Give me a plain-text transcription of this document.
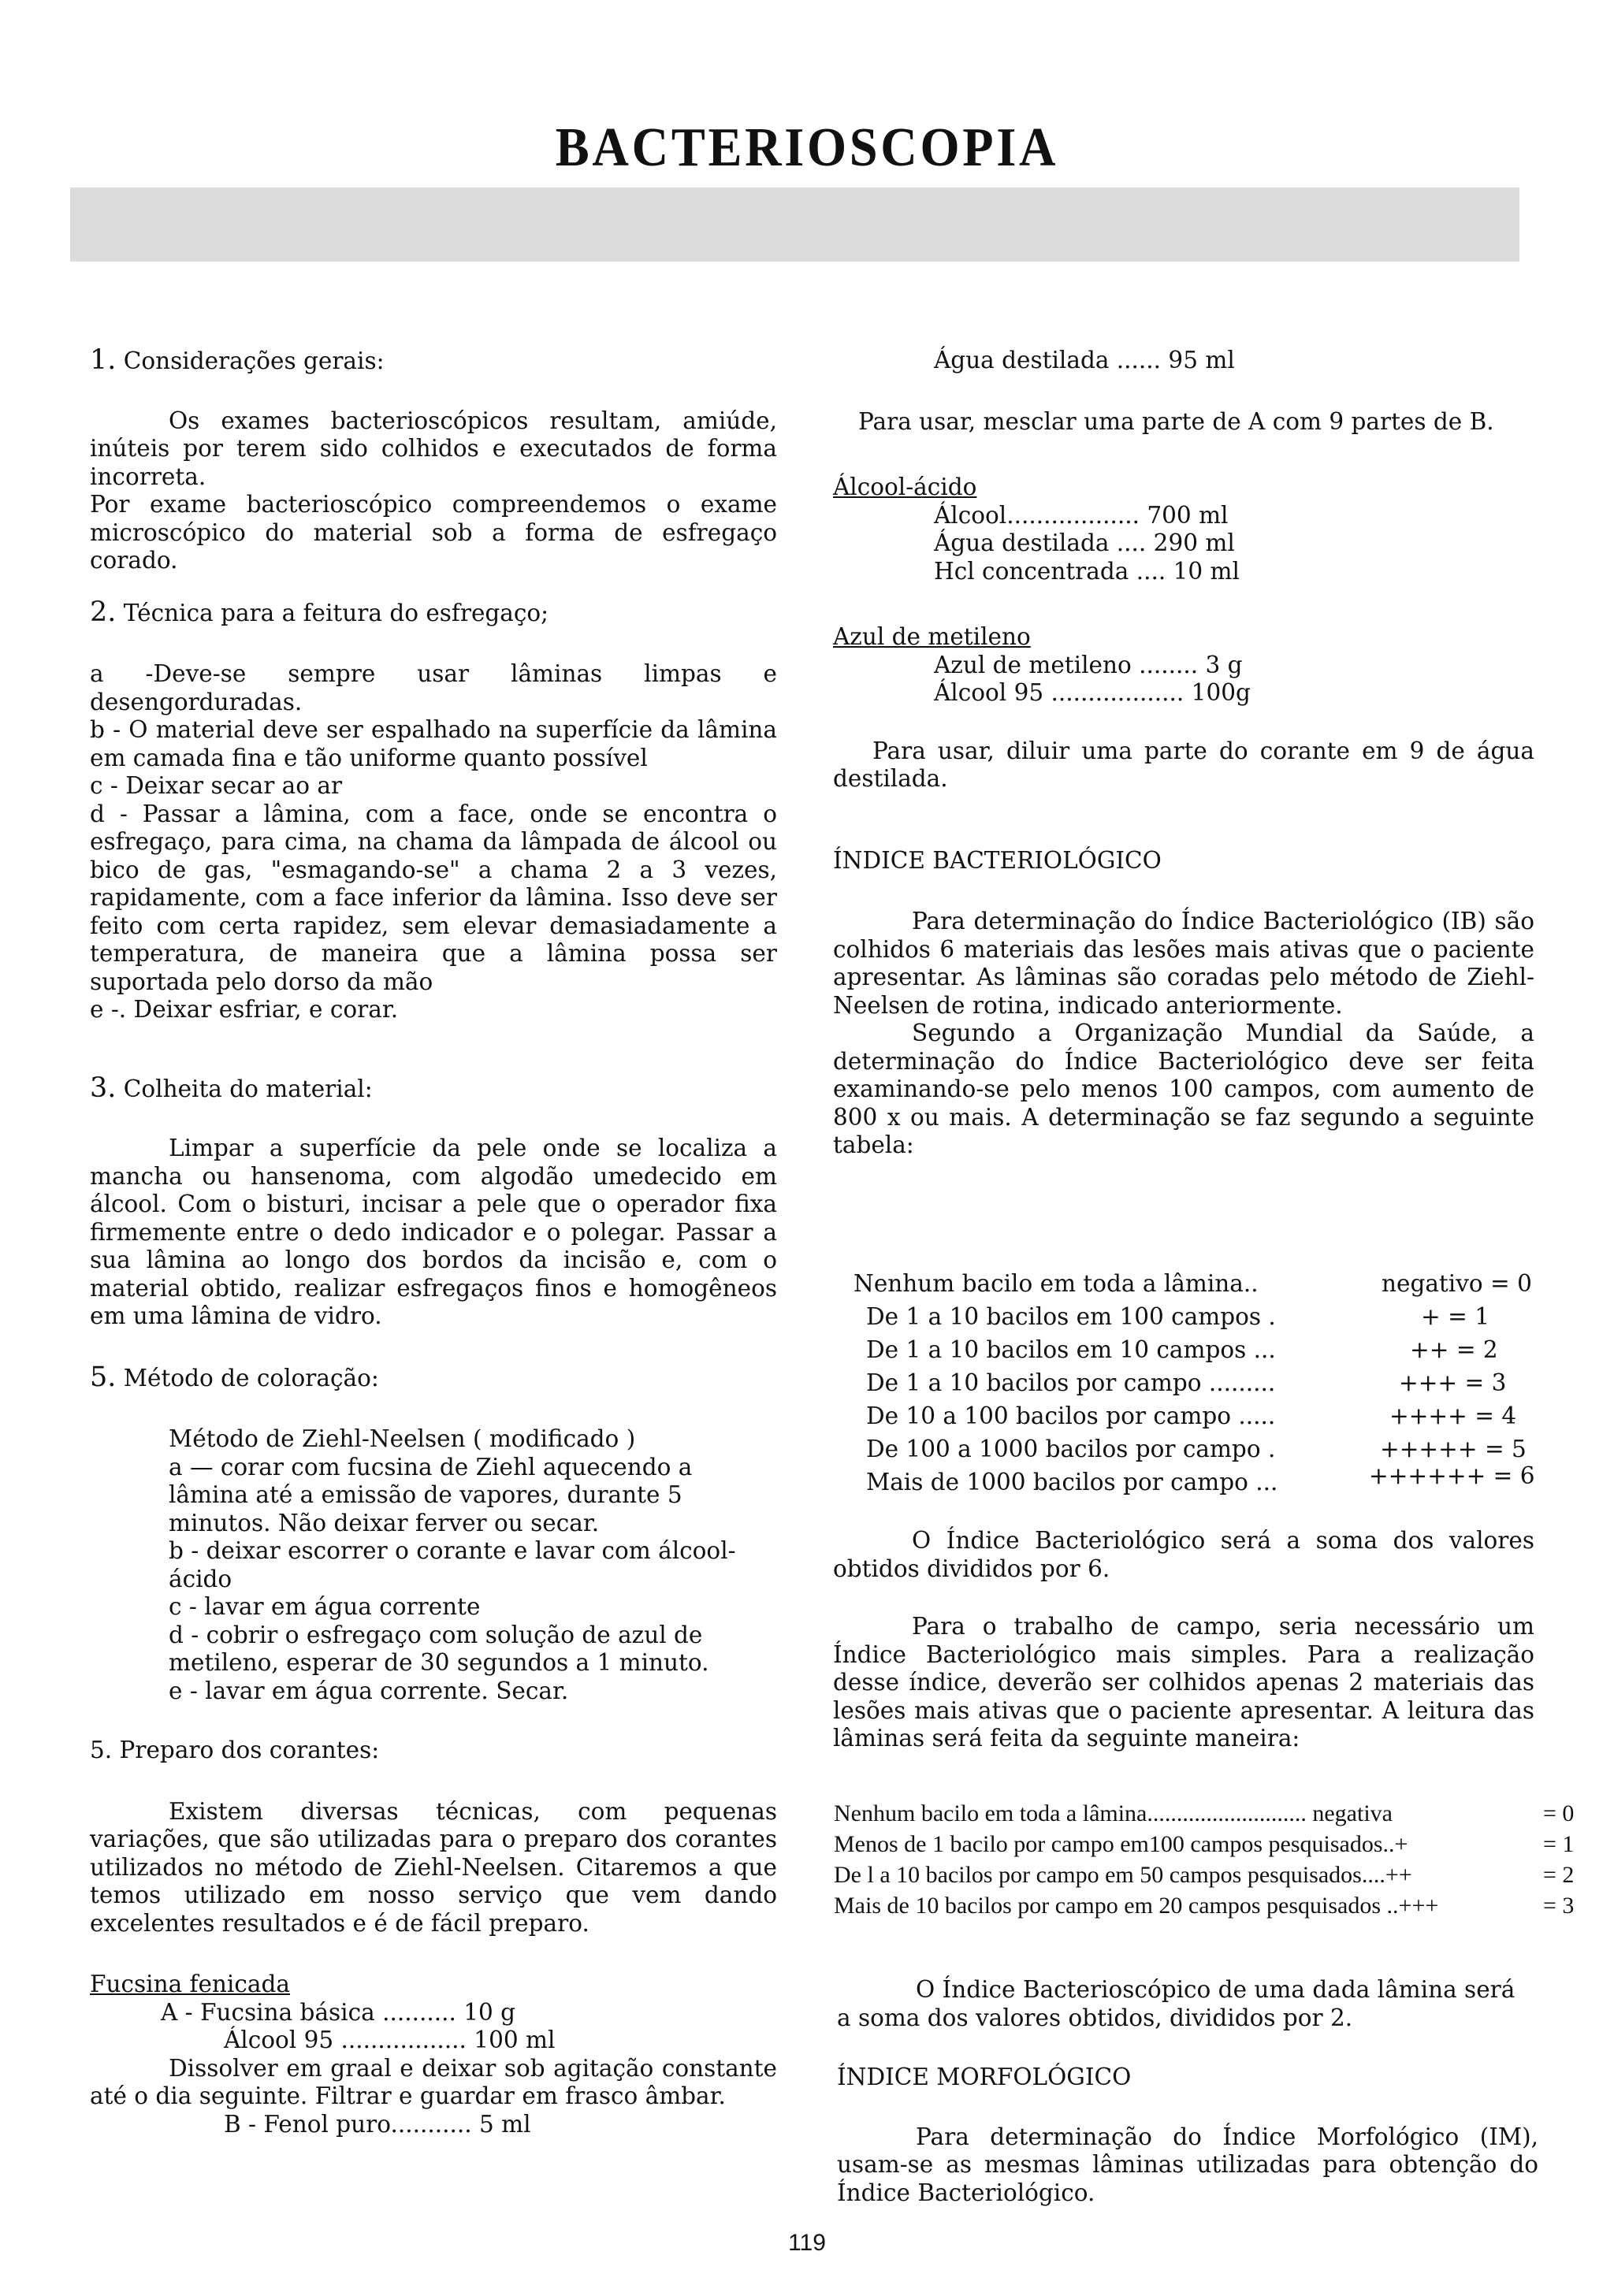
BACTERIOSCOPIA

1. Considerações gerais:

Os exames bacterioscópicos resultam, amiúde, inúteis por terem sido colhidos e executados de forma incorreta.

Por exame bacterioscópico compreendemos o exame microscópico do material sob a forma de esfregaço corado.

2. Técnica para a feitura do esfregaço;

a -Deve-se sempre usar lâminas limpas e desengorduradas.

b - O material deve ser espalhado na superfície da lâmina em camada fina e tão uniforme quanto possível

c - Deixar secar ao ar

d - Passar a lâmina, com a face, onde se encontra o esfregaço, para cima, na chama da lâmpada de álcool ou bico de gas, "esmagando-se" a chama 2 a 3 vezes, rapidamente, com a face inferior da lâmina. Isso deve ser feito com certa rapidez, sem elevar demasiadamente a temperatura, de maneira que a lâmina possa ser suportada pelo dorso da mão

e -. Deixar esfriar, e corar.

3. Colheita do material:

Limpar a superfície da pele onde se localiza a mancha ou hansenoma, com algodão umedecido em álcool. Com o bisturi, incisar a pele que o operador fixa firmemente entre o dedo indicador e o polegar. Passar a sua lâmina ao longo dos bordos da incisão e, com o material obtido, realizar esfregaços finos e homogêneos em uma lâmina de vidro.

5. Método de coloração:

Método de Ziehl-Neelsen ( modificado )

a — corar com fucsina de Ziehl aquecendo a lâmina até a emissão de vapores, durante 5 minutos. Não deixar ferver ou secar.

b - deixar escorrer o corante e lavar com álcool-ácido

c - lavar em água corrente

d - cobrir o esfregaço com solução de azul de metileno, esperar de 30 segundos a 1 minuto.

e - lavar em água corrente. Secar.

5. Preparo dos corantes:

Existem diversas técnicas, com pequenas variações, que são utilizadas para o preparo dos corantes utilizados no método de Ziehl-Neelsen. Citaremos a que temos utilizado em nosso serviço que vem dando excelentes resultados e é de fácil preparo.

Fucsina fenicada

A - Fucsina básica .......... 10 g

Álcool 95 ................. 100 ml

Dissolver em graal e deixar sob agitação constante até o dia seguinte. Filtrar e guardar em frasco âmbar.

B - Fenol puro........... 5 ml

Água destilada ...... 95 ml

Para usar, mesclar uma parte de A com 9 partes de B.

Álcool-ácido

Álcool.................. 700 ml

Água destilada .... 290 ml

Hcl concentrada .... 10 ml

Azul de metileno

Azul de metileno ........ 3 g

Álcool 95 .................. 100g

Para usar, diluir uma parte do corante em 9 de água destilada.

ÍNDICE BACTERIOLÓGICO

Para determinação do Índice Bacteriológico (IB) são colhidos 6 materiais das lesões mais ativas que o paciente apresentar. As lâminas são coradas pelo método de Ziehl-Neelsen de rotina, indicado anteriormente.

Segundo a Organização Mundial da Saúde, a determinação do Índice Bacteriológico deve ser feita examinando-se pelo menos 100 campos, com aumento de 800 x ou mais. A determinação se faz segundo a seguinte tabela:

Nenhum bacilo em toda a lâmina..	negativo = 0
De 1 a 10 bacilos em 100 campos .	+ = 1
De 1 a 10 bacilos em 10 campos ...	++ = 2
De 1 a 10 bacilos por campo .........	+++ = 3
De 10 a 100 bacilos por campo .....	++++ = 4
De 100 a 1000 bacilos por campo .	+++++ = 5
Mais de 1000 bacilos por campo ...	++++++ = 6

O Índice Bacteriológico será a soma dos valores obtidos divididos por 6.

Para o trabalho de campo, seria necessário um Índice Bacteriológico mais simples. Para a realização desse índice, deverão ser colhidos apenas 2 materiais das lesões mais ativas que o paciente apresentar. A leitura das lâminas será feita da seguinte maneira:

Nenhum bacilo em toda a lâmina........................... negativa	= 0
Menos de 1 bacilo por campo em100 campos pesquisados..+	= 1
De l a 10 bacilos por campo em 50 campos pesquisados....++	= 2
Mais de 10 bacilos por campo em 20 campos pesquisados ..+++	= 3

O Índice Bacterioscópico de uma dada lâmina será

a soma dos valores obtidos, divididos por 2.

ÍNDICE MORFOLÓGICO

Para determinação do Índice Morfológico (IM), usam-se as mesmas lâminas utilizadas para obtenção do Índice Bacteriológico.

119
